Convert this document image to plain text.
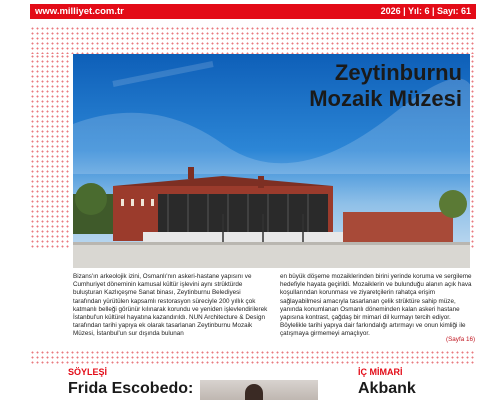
www.milliyet.com.tr	2026 | Yıl: 6 | Sayı: 61
Zeytinburnu
Mozaik Müzesi
Bizans'ın arkeolojik izini, Osmanlı'nın askeri-hastane yapısını ve Cumhuriyet döneminin kamusal kültür işlevini aynı strüktürde buluşturan Kazlıçeşme Sanat binası, Zeytinburnu Belediyesi tarafından yürütülen kapsamlı restorasyon süreciyle 200 yıllık çok katmanlı belleği görünür kılınarak korundu ve yeniden işlevlendirilerek İstanbul'un kültürel hayatına kazandırıldı. NUN Architecture & Design tarafından tarihi yapıya ek olarak tasarlanan Zeytinburnu Mozaik Müzesi, İstanbul'un sur dışında bulunan
en büyük döşeme mozaiklerinden birini yerinde koruma ve sergileme hedefiyle hayata geçirildi. Mozaiklerin ve bulunduğu alanın açık hava koşullarından korunması ve ziyaretçilerin rahatça erişim sağlayabilmesi amacıyla tasarlanan çelik strüktüre sahip müze, yanında konumlanan Osmanlı döneminden kalan askeri hastane yapısına kontrast, çağdaş bir mimari dil kurmayı tercih ediyor. Böylelikle tarihi yapıya dair farkındalığı artırmayı ve onun kimliği ile çatışmaya girmemeyi amaçlıyor.
(Sayfa 16)
SÖYLEŞİ
Frida Escobedo:
İÇ MİMARİ
Akbank
